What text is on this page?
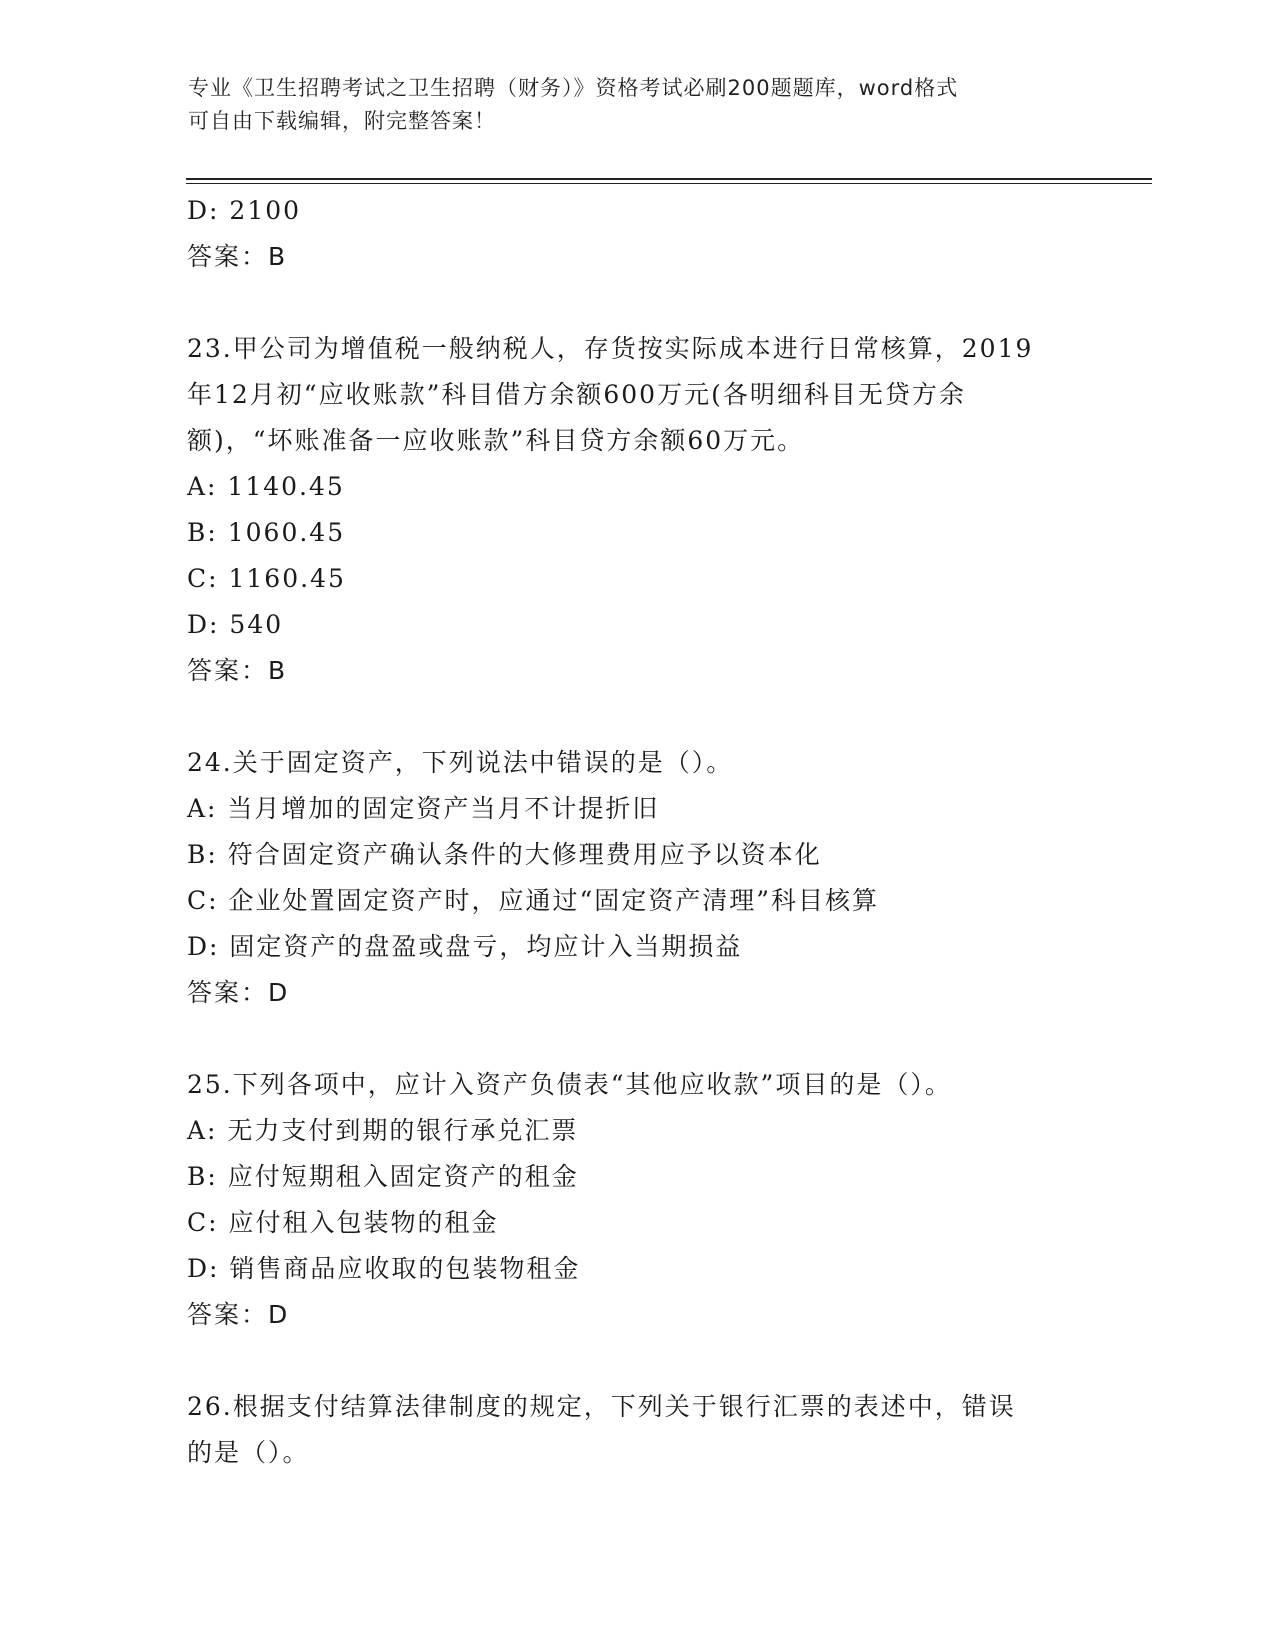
专业《卫生招聘考试之卫生招聘（财务）》资格考试必刷200题题库，word格式
可自由下载编辑，附完整答案！
D: 2100
答案：B
23.甲公司为增值税一般纳税人，存货按实际成本进行日常核算，2019
年12月初“应收账款”科目借方余额600万元(各明细科目无贷方余
额)，“坏账准备一应收账款”科目贷方余额60万元。
A: 1140.45
B: 1060.45
C: 1160.45
D: 540
答案：B
24.关于固定资产，下列说法中错误的是（）。
A: 当月增加的固定资产当月不计提折旧
B: 符合固定资产确认条件的大修理费用应予以资本化
C: 企业处置固定资产时，应通过“固定资产清理”科目核算
D: 固定资产的盘盈或盘亏，均应计入当期损益
答案：D
25.下列各项中，应计入资产负债表“其他应收款”项目的是（）。
A: 无力支付到期的银行承兑汇票
B: 应付短期租入固定资产的租金
C: 应付租入包装物的租金
D: 销售商品应收取的包装物租金
答案：D
26.根据支付结算法律制度的规定，下列关于银行汇票的表述中，错误
的是（）。
